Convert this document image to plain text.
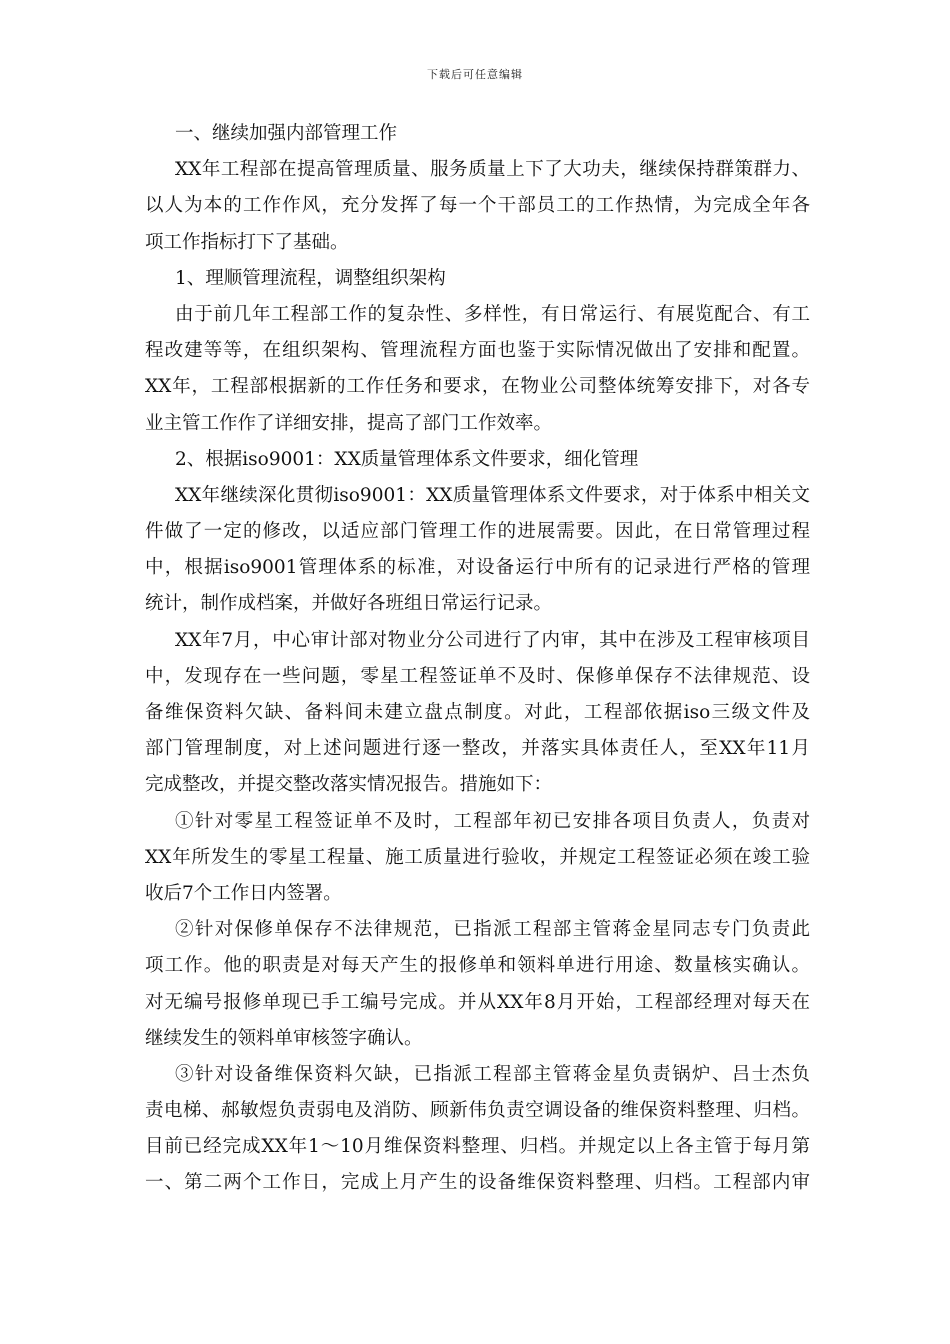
下载后可任意编辑
一、继续加强内部管理工作
XX年工程部在提高管理质量、服务质量上下了大功夫，继续保持群策群力、
以人为本的工作作风，充分发挥了每一个干部员工的工作热情，为完成全年各
项工作指标打下了基础。
1、理顺管理流程，调整组织架构
由于前几年工程部工作的复杂性、多样性，有日常运行、有展览配合、有工
程改建等等，在组织架构、管理流程方面也鉴于实际情况做出了安排和配置。
XX年，工程部根据新的工作任务和要求，在物业公司整体统筹安排下，对各专
业主管工作作了详细安排，提高了部门工作效率。
2、根据iso9001：XX质量管理体系文件要求，细化管理
XX年继续深化贯彻iso9001：XX质量管理体系文件要求，对于体系中相关文
件做了一定的修改，以适应部门管理工作的进展需要。因此，在日常管理过程
中，根据iso9001管理体系的标准，对设备运行中所有的记录进行严格的管理
统计，制作成档案，并做好各班组日常运行记录。
XX年7月，中心审计部对物业分公司进行了内审，其中在涉及工程审核项目
中，发现存在一些问题，零星工程签证单不及时、保修单保存不法律规范、设
备维保资料欠缺、备料间未建立盘点制度。对此，工程部依据iso三级文件及
部门管理制度，对上述问题进行逐一整改，并落实具体责任人，至XX年11月
完成整改，并提交整改落实情况报告。措施如下：
①针对零星工程签证单不及时，工程部年初已安排各项目负责人，负责对
XX年所发生的零星工程量、施工质量进行验收，并规定工程签证必须在竣工验
收后7个工作日内签署。
②针对保修单保存不法律规范，已指派工程部主管蒋金星同志专门负责此
项工作。他的职责是对每天产生的报修单和领料单进行用途、数量核实确认。
对无编号报修单现已手工编号完成。并从XX年8月开始，工程部经理对每天在
继续发生的领料单审核签字确认。
③针对设备维保资料欠缺，已指派工程部主管蒋金星负责锅炉、吕士杰负
责电梯、郝敏煜负责弱电及消防、顾新伟负责空调设备的维保资料整理、归档。
目前已经完成XX年1～10月维保资料整理、归档。并规定以上各主管于每月第
一、第二两个工作日，完成上月产生的设备维保资料整理、归档。工程部内审
